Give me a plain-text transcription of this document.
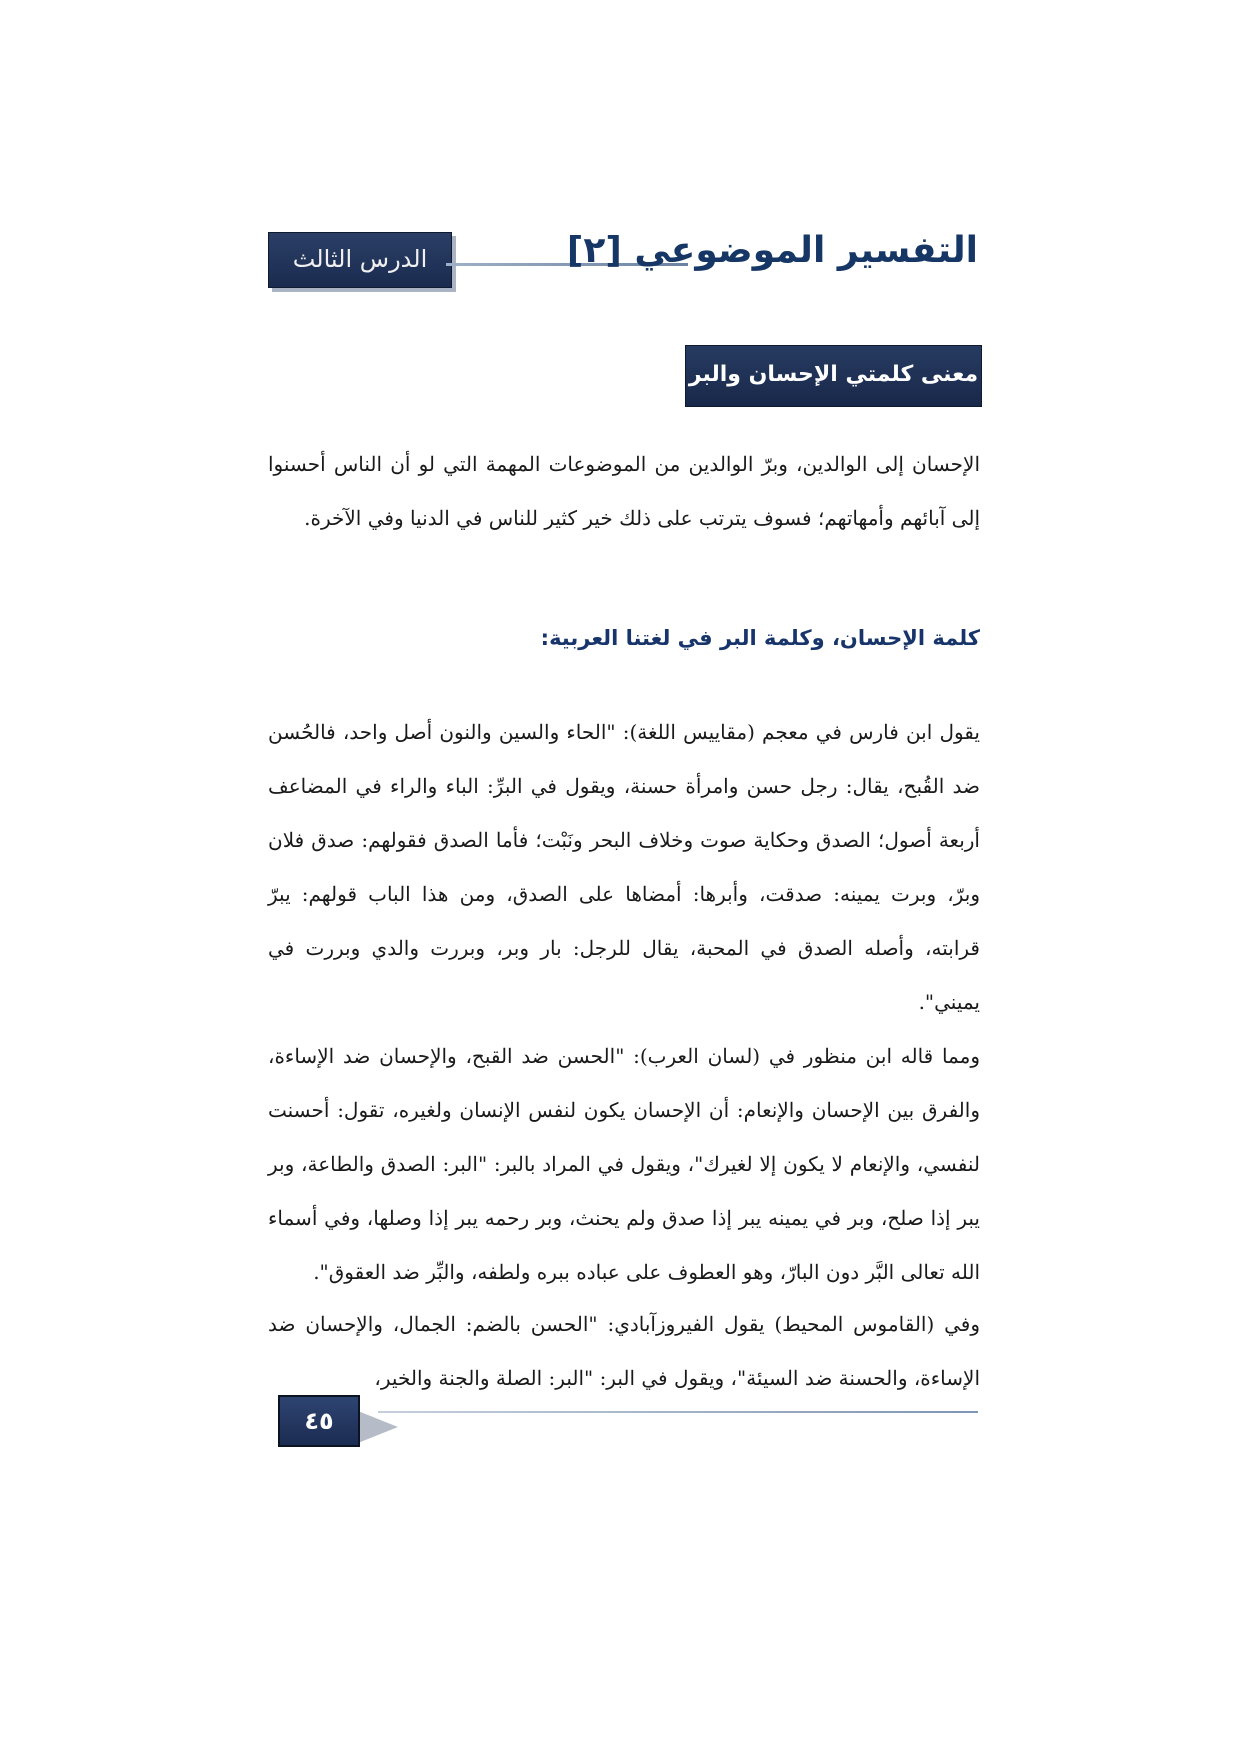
الدرس الثالث	التفسير الموضوعي [٢]
معنى كلمتي الإحسان والبر

الإحسان إلى الوالدين، وبرّ الوالدين من الموضوعات المهمة التي لو أن الناس أحسنوا إلى آبائهم وأمهاتهم؛ فسوف يترتب على ذلك خير كثير للناس في الدنيا وفي الآخرة.

كلمة الإحسان، وكلمة البر في لغتنا العربية:

يقول ابن فارس في معجم (مقاييس اللغة): "الحاء والسين والنون أصل واحد، فالحُسن ضد القُبح، يقال: رجل حسن وامرأة حسنة، ويقول في البرِّ: الباء والراء في المضاعف أربعة أصول؛ الصدق وحكاية صوت وخلاف البحر ونَبْت؛ فأما الصدق فقولهم: صدق فلان وبرّ، وبرت يمينه: صدقت، وأبرها: أمضاها على الصدق، ومن هذا الباب قولهم: يبرّ قرابته، وأصله الصدق في المحبة، يقال للرجل: بار وبر، وبررت والدي وبررت في يميني".

ومما قاله ابن منظور في (لسان العرب): "الحسن ضد القبح، والإحسان ضد الإساءة، والفرق بين الإحسان والإنعام: أن الإحسان يكون لنفس الإنسان ولغيره، تقول: أحسنت لنفسي، والإنعام لا يكون إلا لغيرك"، ويقول في المراد بالبر: "البر: الصدق والطاعة، وبر يبر إذا صلح، وبر في يمينه يبر إذا صدق ولم يحنث، وبر رحمه يبر إذا وصلها، وفي أسماء الله تعالى البَّر دون البارّ، وهو العطوف على عباده ببره ولطفه، والبِّر ضد العقوق".

وفي (القاموس المحيط) يقول الفيروزآبادي: "الحسن بالضم: الجمال، والإحسان ضد الإساءة، والحسنة ضد السيئة"، ويقول في البر: "البر: الصلة والجنة والخير،

٤٥
